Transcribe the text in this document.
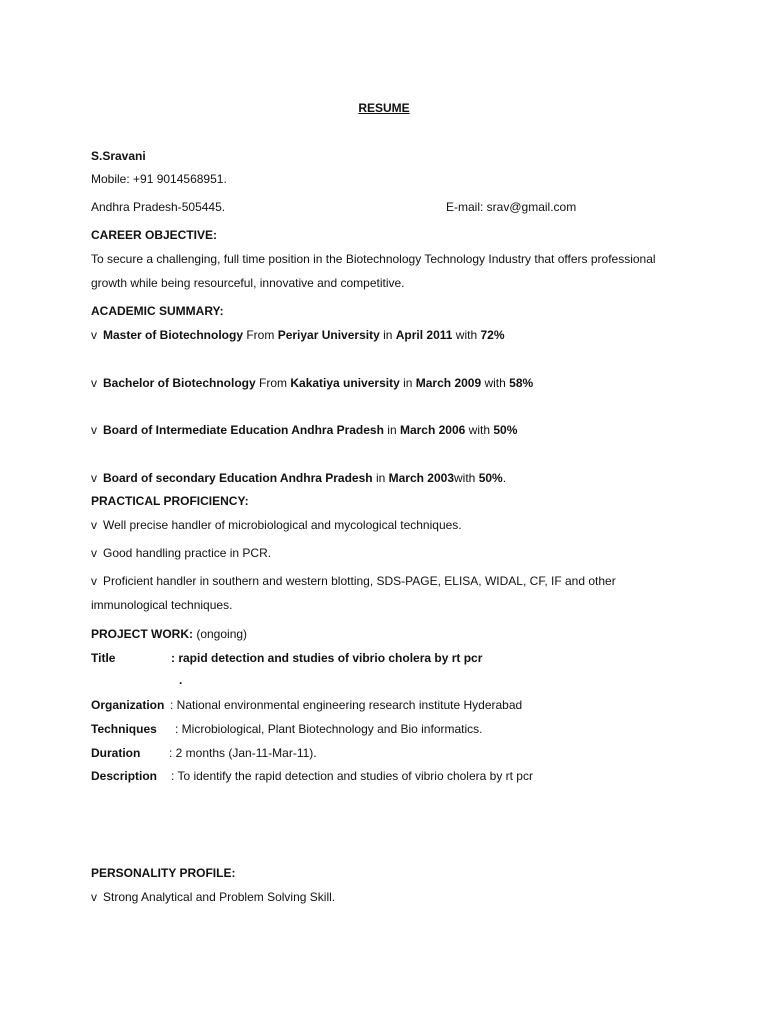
RESUME
S.Sravani
Mobile: +91 9014568951.
Andhra Pradesh-505445.	E-mail: srav@gmail.com
CAREER OBJECTIVE:
To secure a challenging, full time position in the Biotechnology Technology Industry that offers professional
growth while being resourceful, innovative and competitive.
ACADEMIC SUMMARY:
v Master of Biotechnology From Periyar University in April 2011 with 72%
v Bachelor of Biotechnology From Kakatiya university in March 2009 with 58%
v Board of Intermediate Education Andhra Pradesh in March 2006 with 50%
v Board of secondary Education Andhra Pradesh in March 2003with 50%.
PRACTICAL PROFICIENCY:
v Well precise handler of microbiological and mycological techniques.
v Good handling practice in PCR.
v Proficient handler in southern and western blotting, SDS-PAGE, ELISA, WIDAL, CF, IF and other
immunological techniques.
PROJECT WORK: (ongoing)
Title	: rapid detection and studies of vibrio cholera by rt pcr
.
Organization : National environmental engineering research institute Hyderabad
Techniques : Microbiological, Plant Biotechnology and Bio informatics.
Duration : 2 months (Jan-11-Mar-11).
Description : To identify the rapid detection and studies of vibrio cholera by rt pcr
PERSONALITY PROFILE:
v Strong Analytical and Problem Solving Skill.
